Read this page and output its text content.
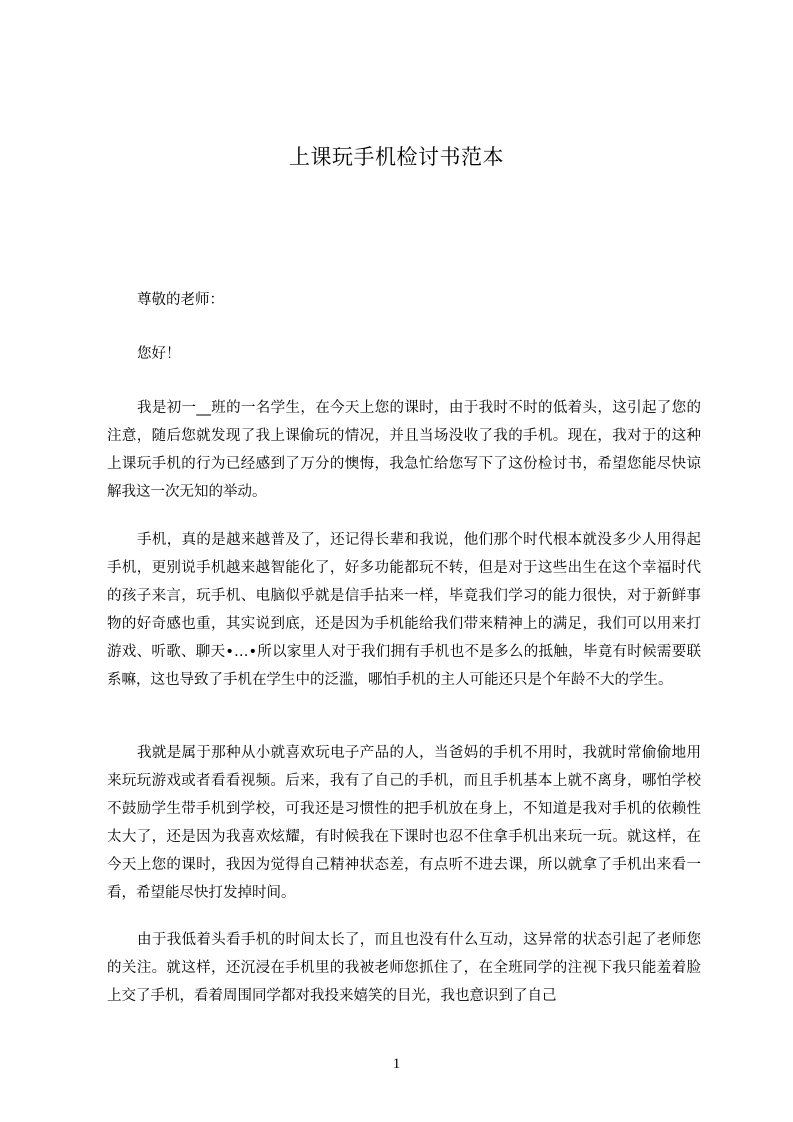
上课玩手机检讨书范本
尊敬的老师：
您好！

我是初一__班的一名学生，在今天上您的课时，由于我时不时的低着头，这引起了您的注意，随后您就发现了我上课偷玩的情况，并且当场没收了我的手机。现在，我对于的这种上课玩手机的行为已经感到了万分的懊悔，我急忙给您写下了这份检讨书，希望您能尽快谅解我这一次无知的举动。

手机，真的是越来越普及了，还记得长辈和我说，他们那个时代根本就没多少人用得起手机，更别说手机越来越智能化了，好多功能都玩不转，但是对于这些出生在这个幸福时代的孩子来言，玩手机、电脑似乎就是信手拈来一样，毕竟我们学习的能力很快，对于新鲜事物的好奇感也重，其实说到底，还是因为手机能给我们带来精神上的满足，我们可以用来打游戏、听歌、聊天•…•所以家里人对于我们拥有手机也不是多么的抵触，毕竟有时候需要联系嘛，这也导致了手机在学生中的泛滥，哪怕手机的主人可能还只是个年龄不大的学生。

我就是属于那种从小就喜欢玩电子产品的人，当爸妈的手机不用时，我就时常偷偷地用来玩玩游戏或者看看视频。后来，我有了自己的手机，而且手机基本上就不离身，哪怕学校不鼓励学生带手机到学校，可我还是习惯性的把手机放在身上，不知道是我对手机的依赖性太大了，还是因为我喜欢炫耀，有时候我在下课时也忍不住拿手机出来玩一玩。就这样，在今天上您的课时，我因为觉得自己精神状态差，有点听不进去课，所以就拿了手机出来看一看，希望能尽快打发掉时间。

由于我低着头看手机的时间太长了，而且也没有什么互动，这异常的状态引起了老师您的关注。就这样，还沉浸在手机里的我被老师您抓住了，在全班同学的注视下我只能羞着脸上交了手机，看着周围同学都对我投来嬉笑的目光，我也意识到了自己

1
